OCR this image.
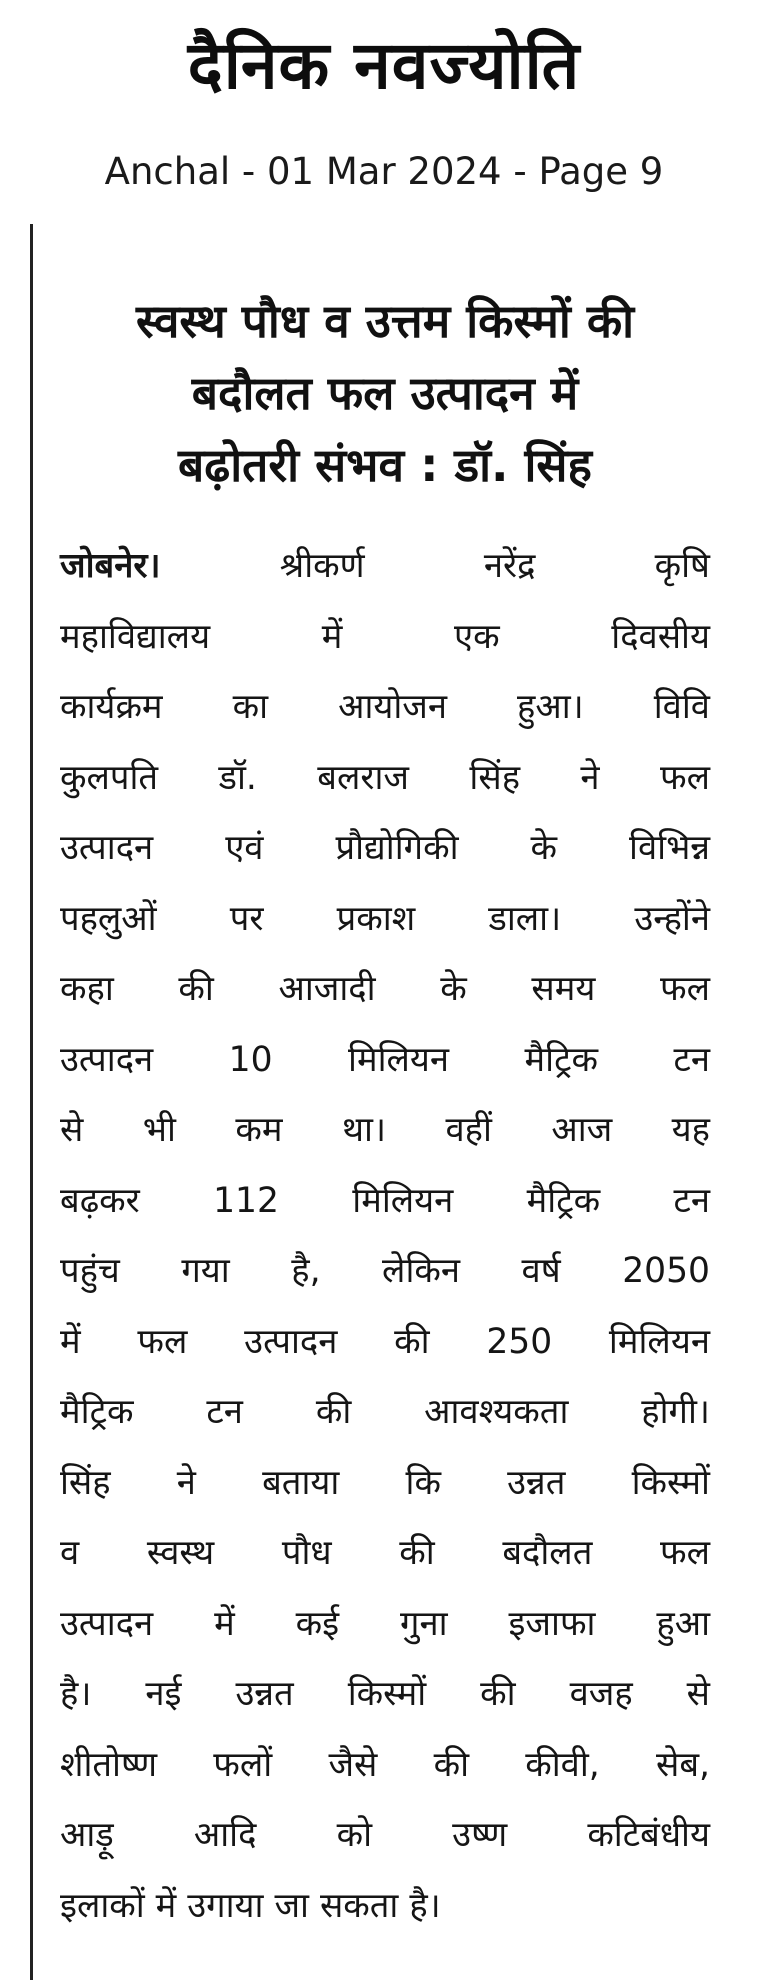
दैनिक नवज्योति
Anchal - 01 Mar 2024 - Page 9
स्वस्थ पौध व उत्तम किस्मों की
बदौलत फल उत्पादन में
बढ़ोतरी संभव : डॉ. सिंह
जोबनेर। श्रीकर्ण नरेंद्र कृषि
महाविद्यालय में एक दिवसीय
कार्यक्रम का आयोजन हुआ। विवि
कुलपति डॉ. बलराज सिंह ने फल
उत्पादन एवं प्रौद्योगिकी के विभिन्न
पहलुओं पर प्रकाश डाला। उन्होंने
कहा की आजादी के समय फल
उत्पादन 10 मिलियन मैट्रिक टन
से भी कम था। वहीं आज यह
बढ़कर 112 मिलियन मैट्रिक टन
पहुंच गया है, लेकिन वर्ष 2050
में फल उत्पादन की 250 मिलियन
मैट्रिक टन की आवश्यकता होगी।
सिंह ने बताया कि उन्नत किस्मों
व स्वस्थ पौध की बदौलत फल
उत्पादन में कई गुना इजाफा हुआ
है। नई उन्नत किस्मों की वजह से
शीतोष्ण फलों जैसे की कीवी, सेब,
आड़ू आदि को उष्ण कटिबंधीय
इलाकों में उगाया जा सकता है।
